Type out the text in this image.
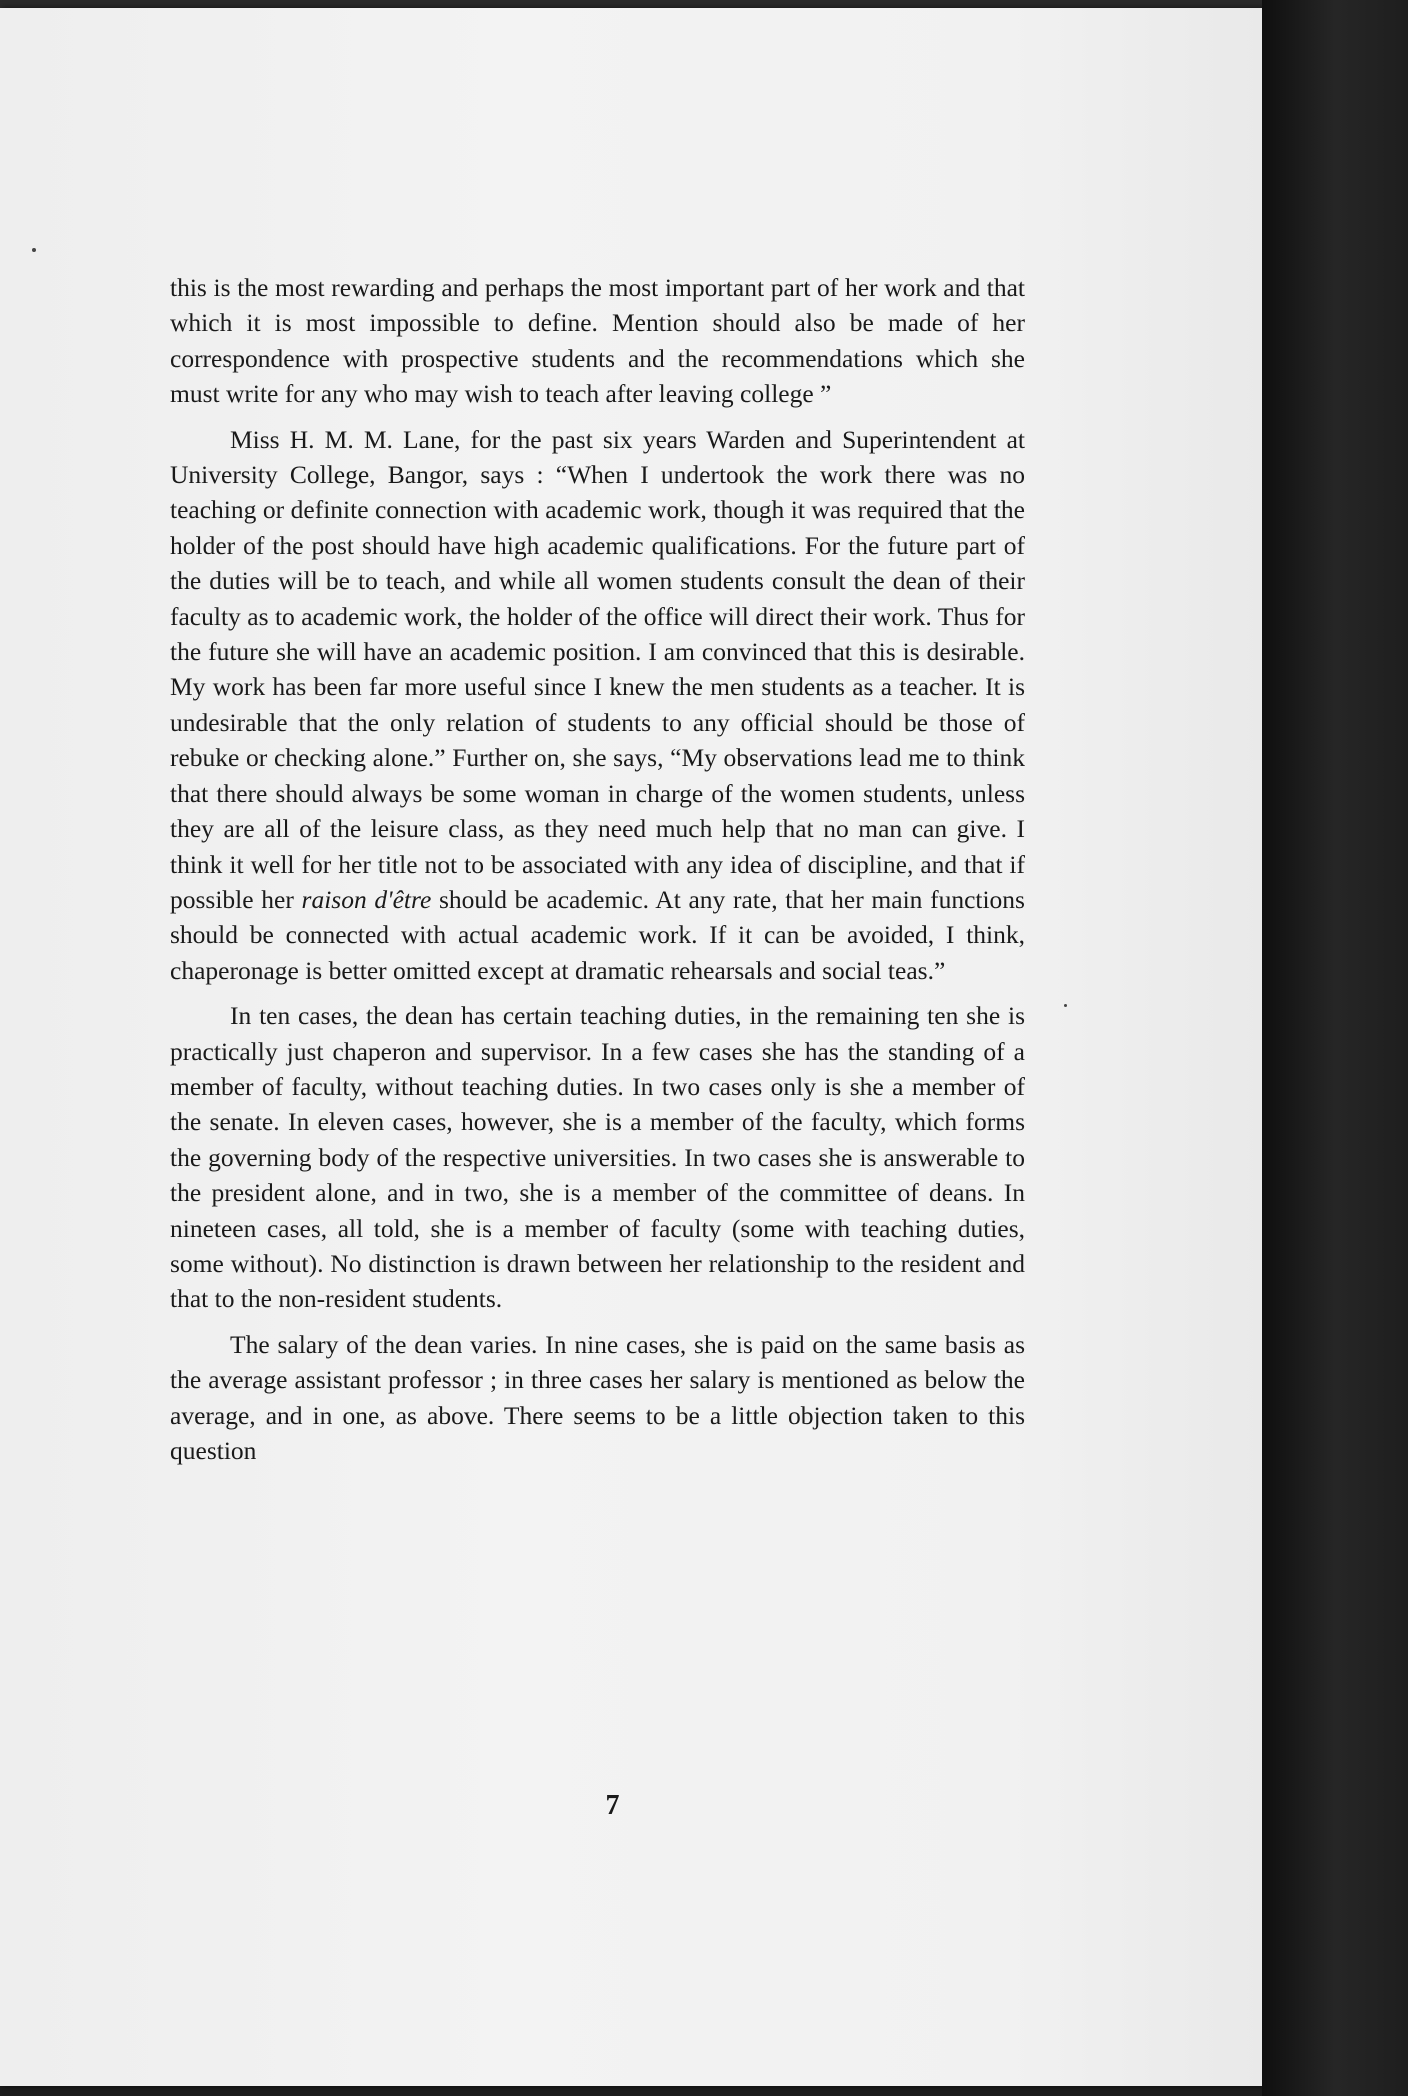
this is the most rewarding and perhaps the most important part of her work and that which it is most impossible to define. Mention should also be made of her correspondence with prospective students and the recommendations which she must write for any who may wish to teach after leaving college ”

Miss H. M. M. Lane, for the past six years Warden and Superintendent at University College, Bangor, says : “When I undertook the work there was no teaching or definite connection with academic work, though it was required that the holder of the post should have high academic qualifications. For the future part of the duties will be to teach, and while all women students consult the dean of their faculty as to academic work, the holder of the office will direct their work. Thus for the future she will have an academic position. I am convinced that this is desirable. My work has been far more useful since I knew the men students as a teacher. It is undesirable that the only relation of students to any official should be those of rebuke or checking alone.” Further on, she says, “My observations lead me to think that there should always be some woman in charge of the women students, unless they are all of the leisure class, as they need much help that no man can give. I think it well for her title not to be associated with any idea of discipline, and that if possible her raison d'être should be academic. At any rate, that her main functions should be connected with actual academic work. If it can be avoided, I think, chaperonage is better omitted except at dramatic rehearsals and social teas.”

In ten cases, the dean has certain teaching duties, in the remaining ten she is practically just chaperon and supervisor. In a few cases she has the standing of a member of faculty, without teaching duties. In two cases only is she a member of the senate. In eleven cases, however, she is a member of the faculty, which forms the governing body of the respective universities. In two cases she is answerable to the president alone, and in two, she is a member of the committee of deans. In nineteen cases, all told, she is a member of faculty (some with teaching duties, some without). No distinction is drawn between her relationship to the resident and that to the non-resident students.

The salary of the dean varies. In nine cases, she is paid on the same basis as the average assistant professor ; in three cases her salary is mentioned as below the average, and in one, as above. There seems to be a little objection taken to this question

7
